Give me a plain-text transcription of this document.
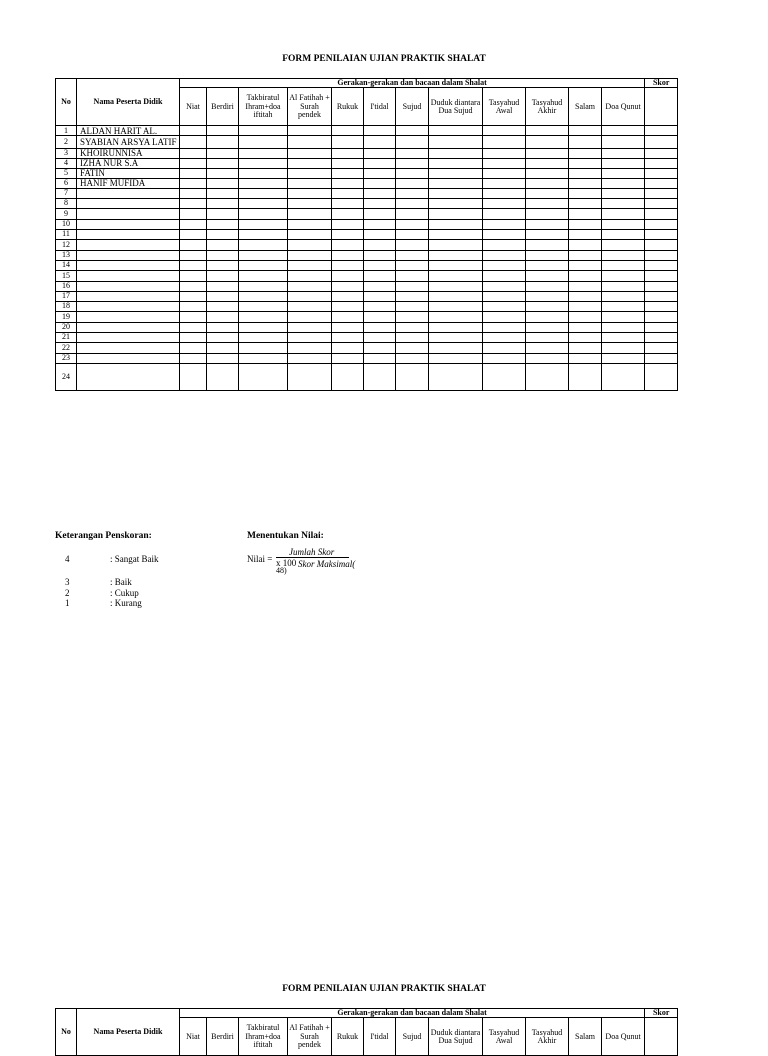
FORM PENILAIAN UJIAN PRAKTIK SHALAT
No	Nama Peserta Didik	Gerakan-gerakan dan bacaan dalam Shalat												Skor
		Niat	Berdiri	Takbiratul Ihram+doa iftitah	Al Fatihah + Surah pendek	Rukuk	I'tidal	Sujud	Duduk diantara Dua Sujud	Tasyahud Awal	Tasyahud Akhir	Salam	Doa Qunut	
1	ALDAN HARIT AL.													
2	SYABIAN ARSYA LATIF													
3	KHOIRUNNISA													
4	IZHA NUR S.A													
5	FATIN													
6	HANIF MUFIDA													
7														
8														
9														
10														
11														
12														
13														
14														
15														
16														
17														
18														
19														
20														
21														
22														
23														
24														
Keterangan Penskoran:
4	: Sangat Baik
3	: Baik
2	: Cukup
1	: Kurang
Menentukan Nilai:
Nilai =
Jumlah Skor
x 100 Skor Maksimal(
48)
FORM PENILAIAN UJIAN PRAKTIK SHALAT
No	Nama Peserta Didik	Gerakan-gerakan dan bacaan dalam Shalat												Skor
		Niat	Berdiri	Takbiratul Ihram+doa iftitah	Al Fatihah + Surah pendek	Rukuk	I'tidal	Sujud	Duduk diantara Dua Sujud	Tasyahud Awal	Tasyahud Akhir	Salam	Doa Qunut	
